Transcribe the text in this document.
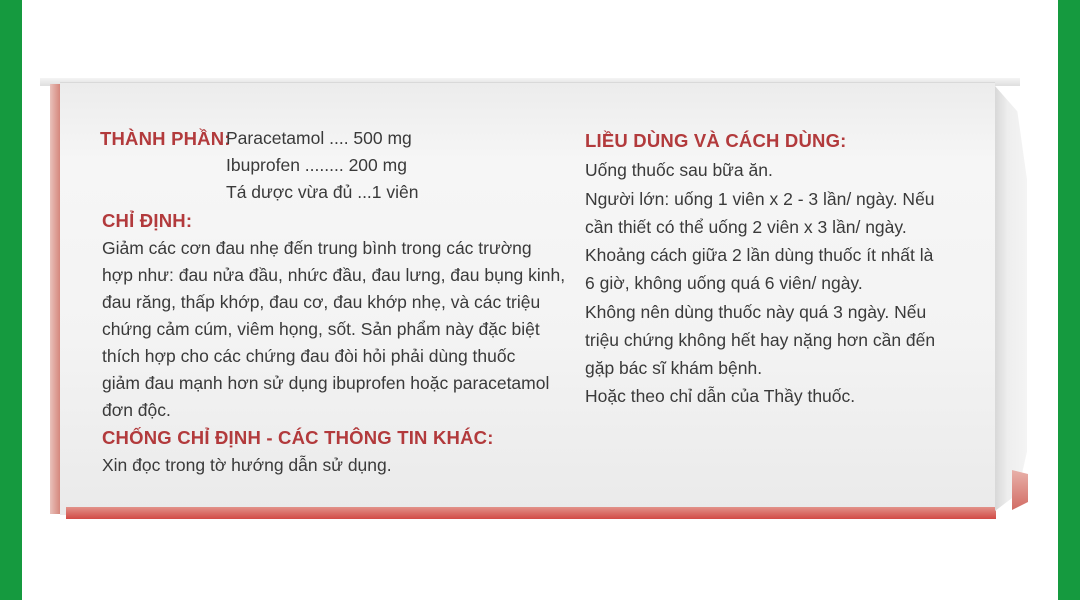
THÀNH PHẦN:
Paracetamol .... 500 mg
Ibuprofen ........ 200 mg
Tá dược vừa đủ ...1 viên
CHỈ ĐỊNH:
Giảm các cơn đau nhẹ đến trung bình trong các trường
hợp như: đau nửa đầu, nhức đầu, đau lưng, đau bụng kinh,
đau răng, thấp khớp, đau cơ, đau khớp nhẹ, và các triệu
chứng cảm cúm, viêm họng, sốt. Sản phẩm này đặc biệt
thích hợp cho các chứng đau đòi hỏi phải dùng thuốc
giảm đau mạnh hơn sử dụng ibuprofen hoặc paracetamol
đơn độc.
CHỐNG CHỈ ĐỊNH - CÁC THÔNG TIN KHÁC:
Xin đọc trong tờ hướng dẫn sử dụng.
LIỀU DÙNG VÀ CÁCH DÙNG:
Uống thuốc sau bữa ăn.
Người lớn: uống 1 viên x 2 - 3 lần/ ngày. Nếu
cần thiết có thể uống 2 viên x 3 lần/ ngày.
Khoảng cách giữa 2 lần dùng thuốc ít nhất là
6 giờ, không uống quá 6 viên/ ngày.
Không nên dùng thuốc này quá 3 ngày. Nếu
triệu chứng không hết hay nặng hơn cần đến
gặp bác sĩ khám bệnh.
Hoặc theo chỉ dẫn của Thầy thuốc.
